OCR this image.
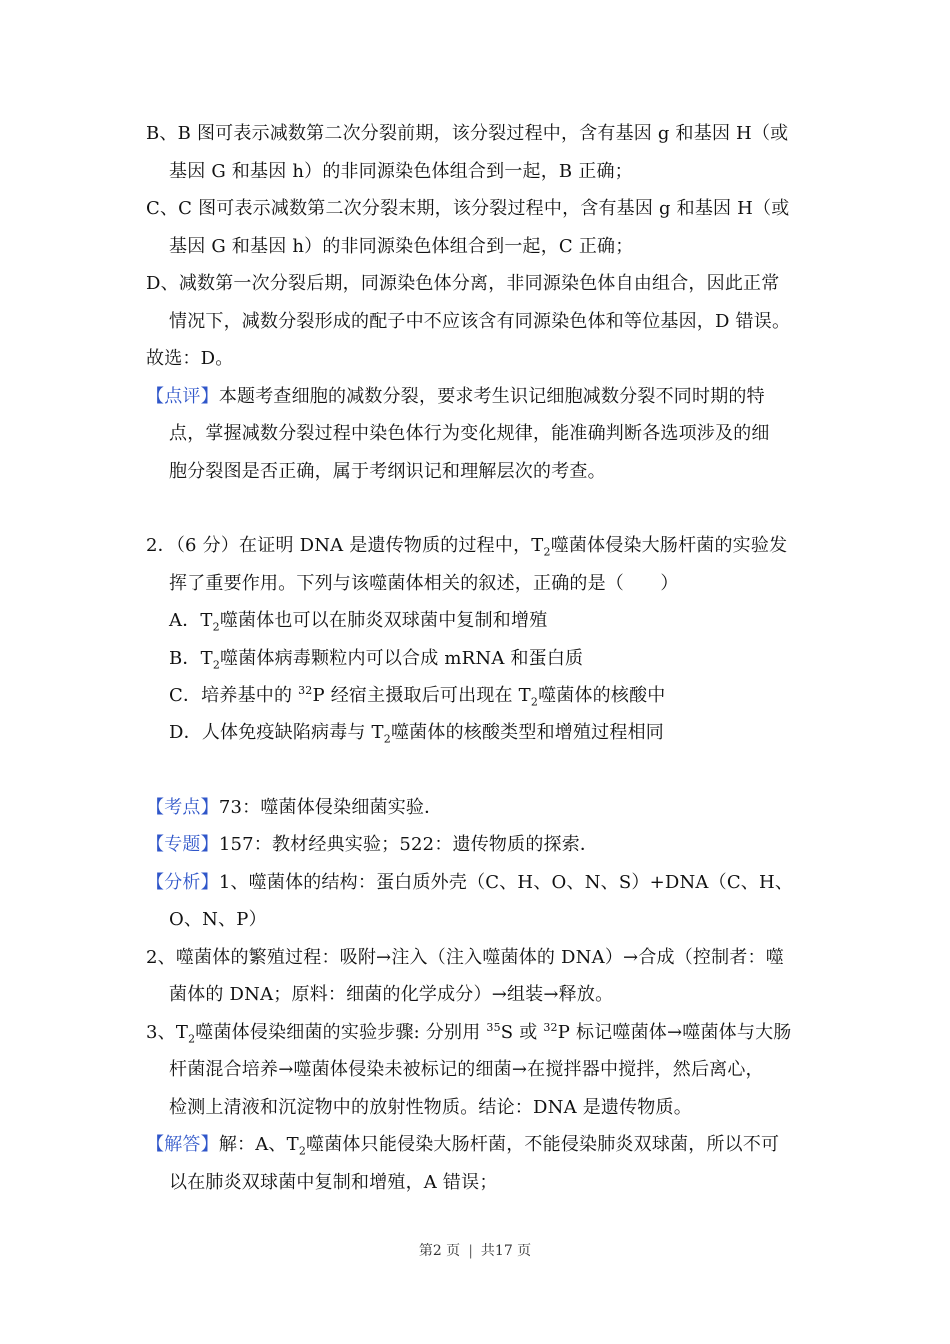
B、B 图可表示减数第二次分裂前期，该分裂过程中，含有基因 g 和基因 H（或
基因 G 和基因 h）的非同源染色体组合到一起，B 正确；
C、C 图可表示减数第二次分裂末期，该分裂过程中，含有基因 g 和基因 H（或
基因 G 和基因 h）的非同源染色体组合到一起，C 正确；
D、减数第一次分裂后期，同源染色体分离，非同源染色体自由组合，因此正常
情况下，减数分裂形成的配子中不应该含有同源染色体和等位基因，D 错误。
故选：D。
【点评】本题考查细胞的减数分裂，要求考生识记细胞减数分裂不同时期的特
点，掌握减数分裂过程中染色体行为变化规律，能准确判断各选项涉及的细
胞分裂图是否正确，属于考纲识记和理解层次的考查。
2．（6 分）在证明 DNA 是遗传物质的过程中，$T_2$噬菌体侵染大肠杆菌的实验发
挥了重要作用。下列与该噬菌体相关的叙述，正确的是（　　）
A．$T_2$噬菌体也可以在肺炎双球菌中复制和增殖
B．$T_2$噬菌体病毒颗粒内可以合成 mRNA 和蛋白质
C．培养基中的 $^{32}$P 经宿主摄取后可出现在 $T_2$噬菌体的核酸中
D．人体免疫缺陷病毒与 $T_2$噬菌体的核酸类型和增殖过程相同
【考点】73：噬菌体侵染细菌实验．
【专题】157：教材经典实验；522：遗传物质的探索．
【分析】1、噬菌体的结构：蛋白质外壳（C、H、O、N、S）+DNA（C、H、
O、N、P）
2、噬菌体的繁殖过程：吸附→注入（注入噬菌体的 DNA）→合成（控制者：噬
菌体的 DNA；原料：细菌的化学成分）→组装→释放。
3、$T_2$噬菌体侵染细菌的实验步骤: 分别用 $^{35}$S 或 $^{32}$P 标记噬菌体→噬菌体与大肠
杆菌混合培养→噬菌体侵染未被标记的细菌→在搅拌器中搅拌，然后离心，
检测上清液和沉淀物中的放射性物质。结论：DNA 是遗传物质。
【解答】解：A、$T_2$噬菌体只能侵染大肠杆菌，不能侵染肺炎双球菌，所以不可
以在肺炎双球菌中复制和增殖，A 错误；
第2 页 | 共17 页
